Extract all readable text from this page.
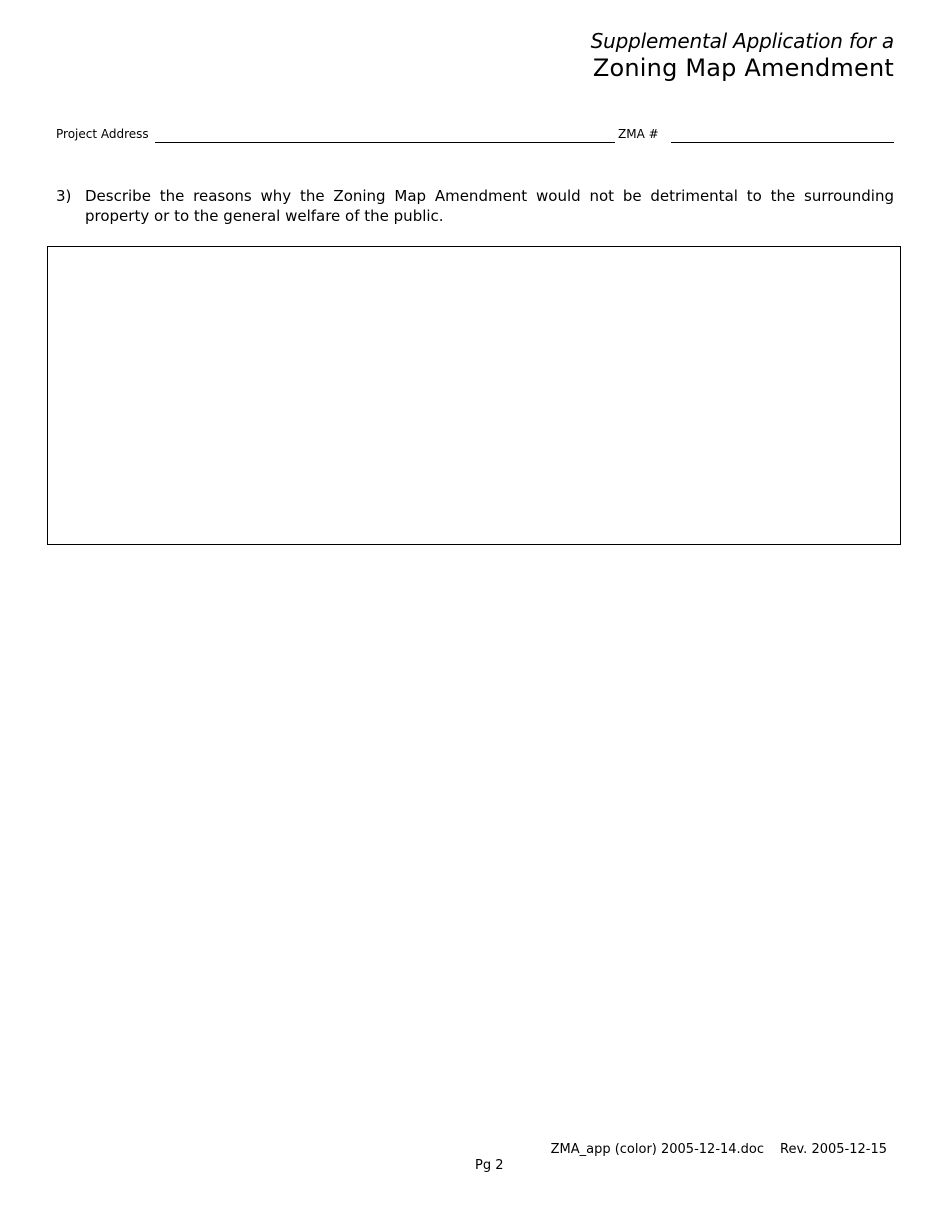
Supplemental Application for a
Zoning Map Amendment
Project Address	ZMA #
3) Describe the reasons why the Zoning Map Amendment would not be detrimental to the surrounding property or to the general welfare of the public.
ZMA_app (color) 2005-12-14.doc Rev. 2005-12-15
Pg 2
